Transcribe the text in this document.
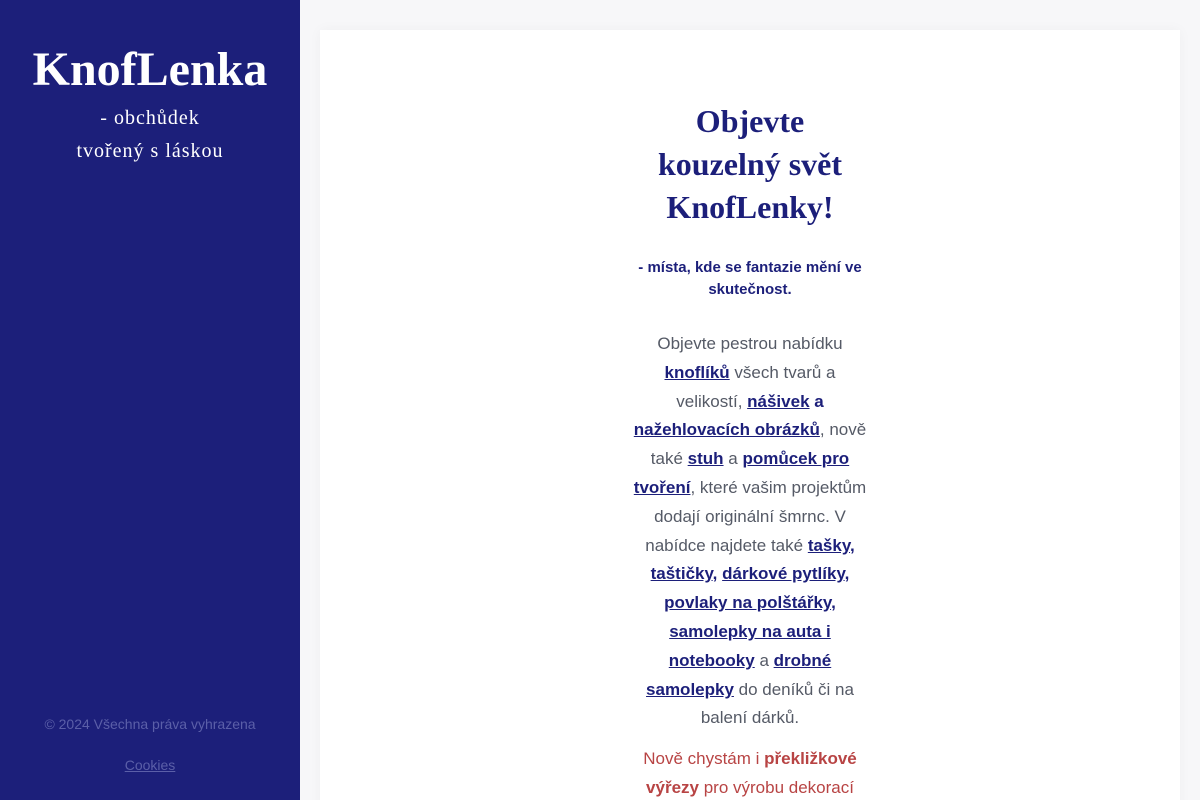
KnofLenka
- obchůdek
tvořený s láskou
© 2024 Všechna práva vyhrazena
Cookies
Objevte
kouzelný svět
KnofLenky!

- místa, kde se fantazie mění ve skutečnost.

Objevte pestrou nabídku knoflíků všech tvarů a velikostí, nášivek a nažehlovacích obrázků, nově také stuh a pomůcek pro tvoření, které vašim projektům dodají originální šmrnc. V nabídce najdete také tašky, taštičky, dárkové pytlíky, povlaky na polštářky, samolepky na auta i notebooky a drobné samolepky do deníků či na balení dárků.

Nově chystám i překližkové výřezy pro výrobu dekorací
